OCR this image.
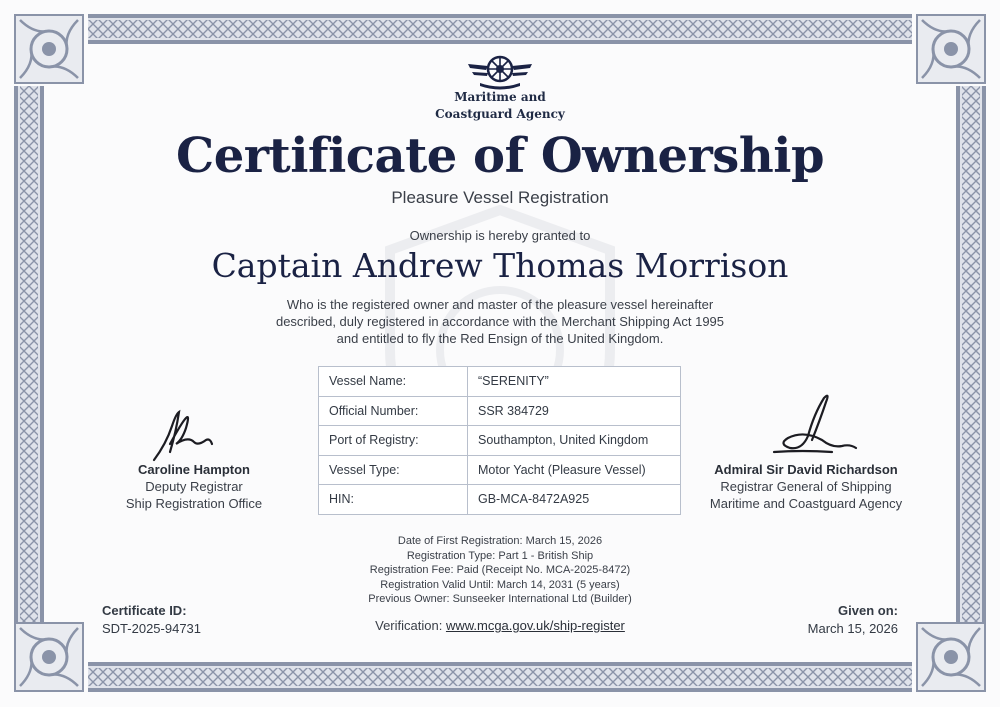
Maritime and
Coastguard Agency
Certificate of Ownership
Pleasure Vessel Registration
Ownership is hereby granted to
Captain Andrew Thomas Morrison
Who is the registered owner and master of the pleasure vessel hereinafter
described, duly registered in accordance with the Merchant Shipping Act 1995
and entitled to fly the Red Ensign of the United Kingdom.
Vessel Name:	“SERENITY”
Official Number:	SSR 384729
Port of Registry:	Southampton, United Kingdom
Vessel Type:	Motor Yacht (Pleasure Vessel)
HIN:	GB-MCA-8472A925
Caroline Hampton
Deputy Registrar
Ship Registration Office
Admiral Sir David Richardson
Registrar General of Shipping
Maritime and Coastguard Agency
Date of First Registration: March 15, 2026
Registration Type: Part 1 - British Ship
Registration Fee: Paid (Receipt No. MCA-2025-8472)
Registration Valid Until: March 14, 2031 (5 years)
Previous Owner: Sunseeker International Ltd (Builder)
Certificate ID:
SDT-2025-94731	Verification: www.mcga.gov.uk/ship-register
Given on:
March 15, 2026
